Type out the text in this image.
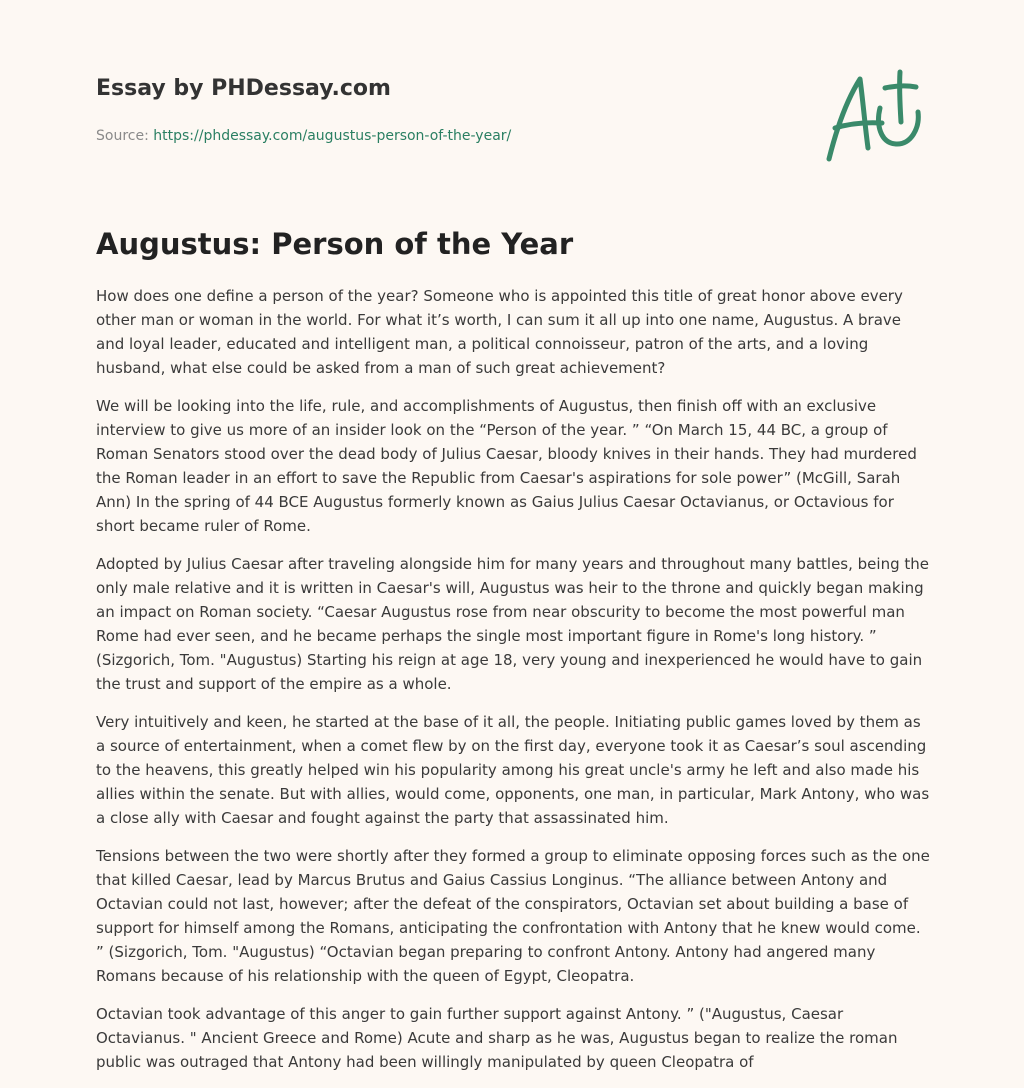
Essay by PHDessay.com
Source: https://phdessay.com/augustus-person-of-the-year/
Augustus: Person of the Year

How does one define a person of the year? Someone who is appointed this title of great honor above every other man or woman in the world. For what it’s worth, I can sum it all up into one name, Augustus. A brave and loyal leader, educated and intelligent man, a political connoisseur, patron of the arts, and a loving husband, what else could be asked from a man of such great achievement?

We will be looking into the life, rule, and accomplishments of Augustus, then finish off with an exclusive interview to give us more of an insider look on the “Person of the year. ” “On March 15, 44 BC, a group of Roman Senators stood over the dead body of Julius Caesar, bloody knives in their hands. They had murdered the Roman leader in an effort to save the Republic from Caesar's aspirations for sole power” (McGill, Sarah Ann) In the spring of 44 BCE Augustus formerly known as Gaius Julius Caesar Octavianus, or Octavious for short became ruler of Rome.

Adopted by Julius Caesar after traveling alongside him for many years and throughout many battles, being the only male relative and it is written in Caesar's will, Augustus was heir to the throne and quickly began making an impact on Roman society. “Caesar Augustus rose from near obscurity to become the most powerful man Rome had ever seen, and he became perhaps the single most important figure in Rome's long history. ” (Sizgorich, Tom. "Augustus) Starting his reign at age 18, very young and inexperienced he would have to gain the trust and support of the empire as a whole.

Very intuitively and keen, he started at the base of it all, the people. Initiating public games loved by them as a source of entertainment, when a comet flew by on the first day, everyone took it as Caesar’s soul ascending to the heavens, this greatly helped win his popularity among his great uncle's army he left and also made his allies within the senate. But with allies, would come, opponents, one man, in particular, Mark Antony, who was a close ally with Caesar and fought against the party that assassinated him.

Tensions between the two were shortly after they formed a group to eliminate opposing forces such as the one that killed Caesar, lead by Marcus Brutus and Gaius Cassius Longinus. “The alliance between Antony and Octavian could not last, however; after the defeat of the conspirators, Octavian set about building a base of support for himself among the Romans, anticipating the confrontation with Antony that he knew would come. ” (Sizgorich, Tom. "Augustus) “Octavian began preparing to confront Antony. Antony had angered many Romans because of his relationship with the queen of Egypt, Cleopatra.

Octavian took advantage of this anger to gain further support against Antony. ” ("Augustus, Caesar Octavianus. " Ancient Greece and Rome) Acute and sharp as he was, Augustus began to realize the roman public was outraged that Antony had been willingly manipulated by queen Cleopatra of
